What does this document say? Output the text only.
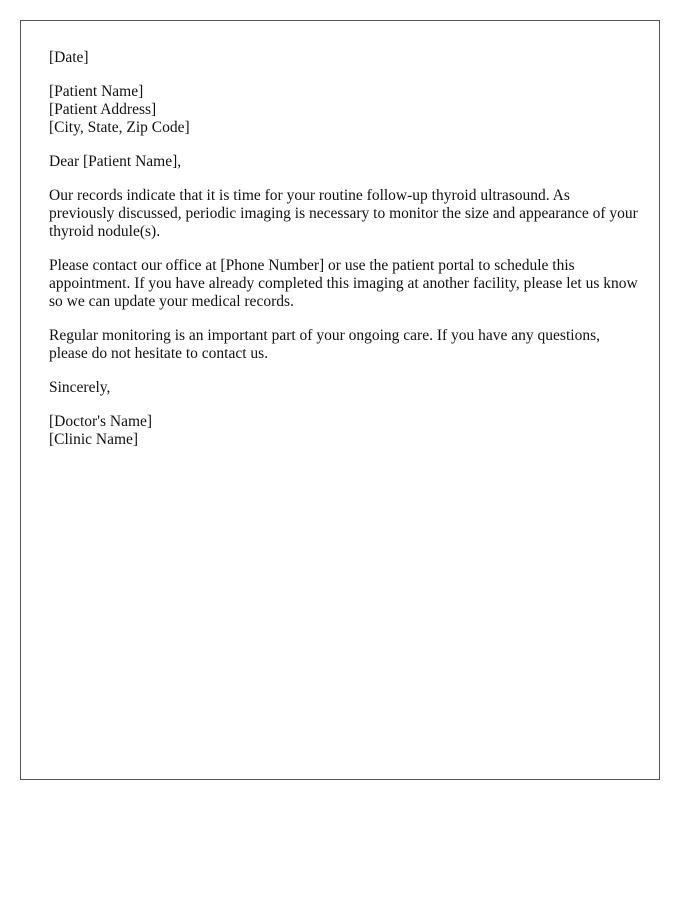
[Date]
[Patient Name]
[Patient Address]
[City, State, Zip Code]

Dear [Patient Name],

Our records indicate that it is time for your routine follow-up thyroid ultrasound. As previously discussed, periodic imaging is necessary to monitor the size and appearance of your thyroid nodule(s).

Please contact our office at [Phone Number] or use the patient portal to schedule this appointment. If you have already completed this imaging at another facility, please let us know so we can update your medical records.

Regular monitoring is an important part of your ongoing care. If you have any questions, please do not hesitate to contact us.

Sincerely,

[Doctor's Name]
[Clinic Name]
